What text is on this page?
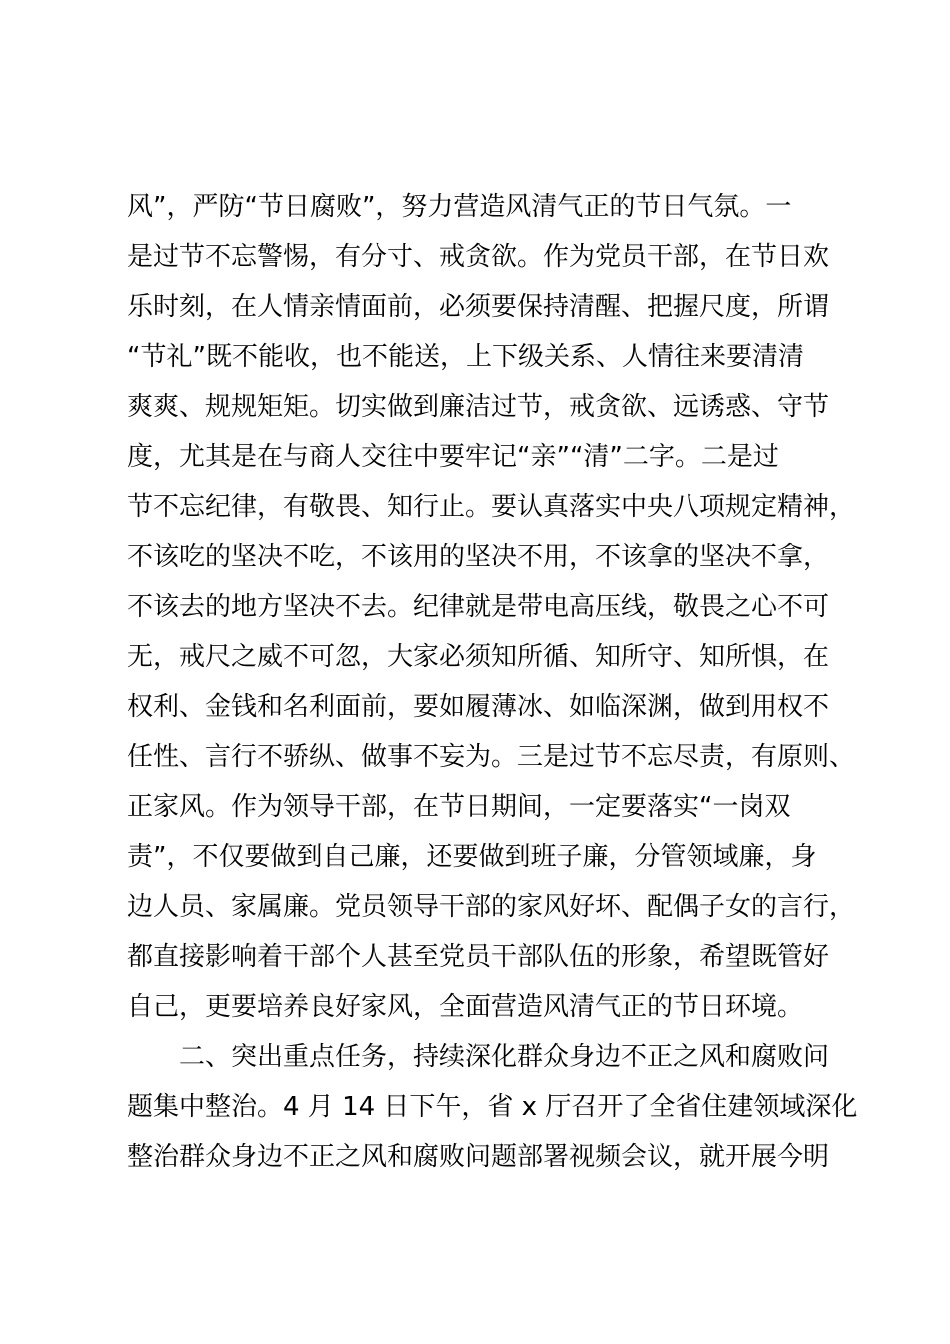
风”，严防“节日腐败”，努力营造风清气正的节日气氛。一
是过节不忘警惕，有分寸、戒贪欲。作为党员干部，在节日欢
乐时刻，在人情亲情面前，必须要保持清醒、把握尺度，所谓
“节礼”既不能收，也不能送，上下级关系、人情往来要清清
爽爽、规规矩矩。切实做到廉洁过节，戒贪欲、远诱惑、守节
度，尤其是在与商人交往中要牢记“亲”“清”二字。二是过
节不忘纪律，有敬畏、知行止。要认真落实中央八项规定精神，
不该吃的坚决不吃，不该用的坚决不用，不该拿的坚决不拿，
不该去的地方坚决不去。纪律就是带电高压线，敬畏之心不可
无，戒尺之威不可忽，大家必须知所循、知所守、知所惧，在
权利、金钱和名利面前，要如履薄冰、如临深渊，做到用权不
任性、言行不骄纵、做事不妄为。三是过节不忘尽责，有原则、
正家风。作为领导干部，在节日期间，一定要落实“一岗双
责”，不仅要做到自己廉，还要做到班子廉，分管领域廉，身
边人员、家属廉。党员领导干部的家风好坏、配偶子女的言行，
都直接影响着干部个人甚至党员干部队伍的形象，希望既管好
自己，更要培养良好家风，全面营造风清气正的节日环境。
二、突出重点任务，持续深化群众身边不正之风和腐败问
题集中整治。4 月 14 日下午，省 x 厅召开了全省住建领域深化
整治群众身边不正之风和腐败问题部署视频会议，就开展今明
